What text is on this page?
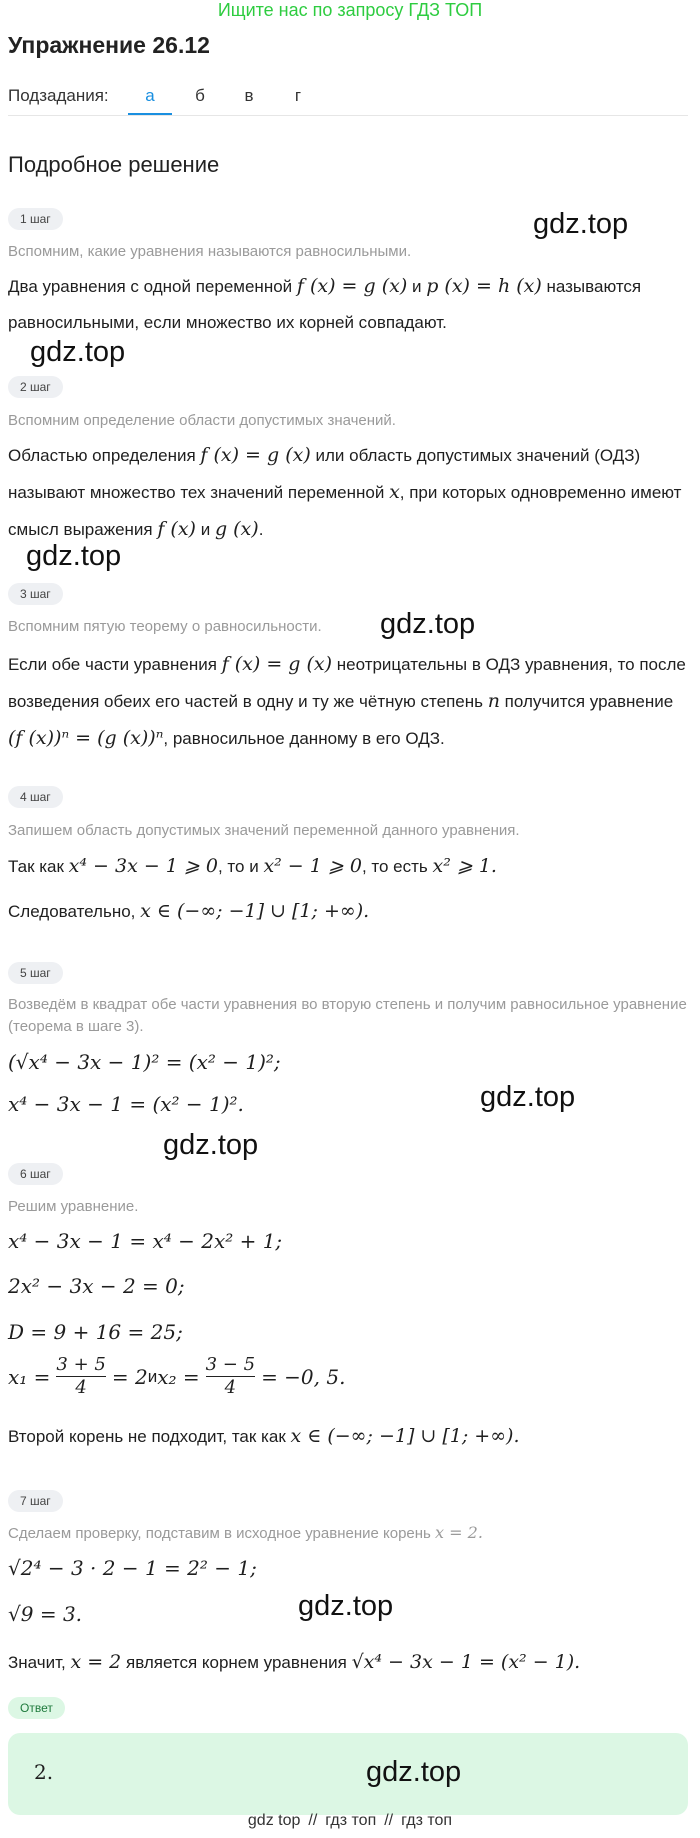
Ищите нас по запросу ГДЗ ТОП
Упражнение 26.12
Подзадания:	а	б	в	г
Подробное решение
1 шаг	gdz.top
Вспомним, какие уравнения называются равносильными.
Два уравнения с одной переменной f (x) = g (x) и p (x) = h (x) называются равносильными, если множество их корней совпадают.
gdz.top
2 шаг
Вспомним определение области допустимых значений.
Областью определения f (x) = g (x) или область допустимых значений (ОДЗ) называют множество тех значений переменной x, при которых одновременно имеют смысл выражения f (x) и g (x).
gdz.top
3 шаг
gdz.top
Вспомним пятую теорему о равносильности.
Если обе части уравнения f (x) = g (x) неотрицательны в ОДЗ уравнения, то после возведения обеих его частей в одну и ту же чётную степень n получится уравнение (f (x))ⁿ = (g (x))ⁿ, равносильное данному в его ОДЗ.
4 шаг
Запишем область допустимых значений переменной данного уравнения.
Так как x⁴ − 3x − 1 ⩾ 0, то и x² − 1 ⩾ 0, то есть x² ⩾ 1.
Следовательно, x ∈ (−∞; −1] ∪ [1; +∞).
5 шаг
Возведём в квадрат обе части уравнения во вторую степень и получим равносильное уравнение (теорема в шаге 3).
(√x⁴ − 3x − 1)² = (x² − 1)²;
x⁴ − 3x − 1 = (x² − 1)².	gdz.top
gdz.top
6 шаг
Решим уравнение.
x⁴ − 3x − 1 = x⁴ − 2x² + 1;
2x² − 3x − 2 = 0;
D = 9 + 16 = 25;
$x_1 = \frac{3 + 5}{4} = 2$ и $x_2 = \frac{3 - 5}{4} = -0$, 5.
Второй корень не подходит, так как x ∈ (−∞; −1] ∪ [1; +∞).
7 шаг
Сделаем проверку, подставим в исходное уравнение корень x = 2.
√2⁴ − 3 · 2 − 1 = 2² − 1;
√9 = 3.	gdz.top
Значит, x = 2 является корнем уравнения √x⁴ − 3x − 1 = (x² − 1).
Ответ
2.	gdz.top
gdz top // гдз топ // гдз топ
